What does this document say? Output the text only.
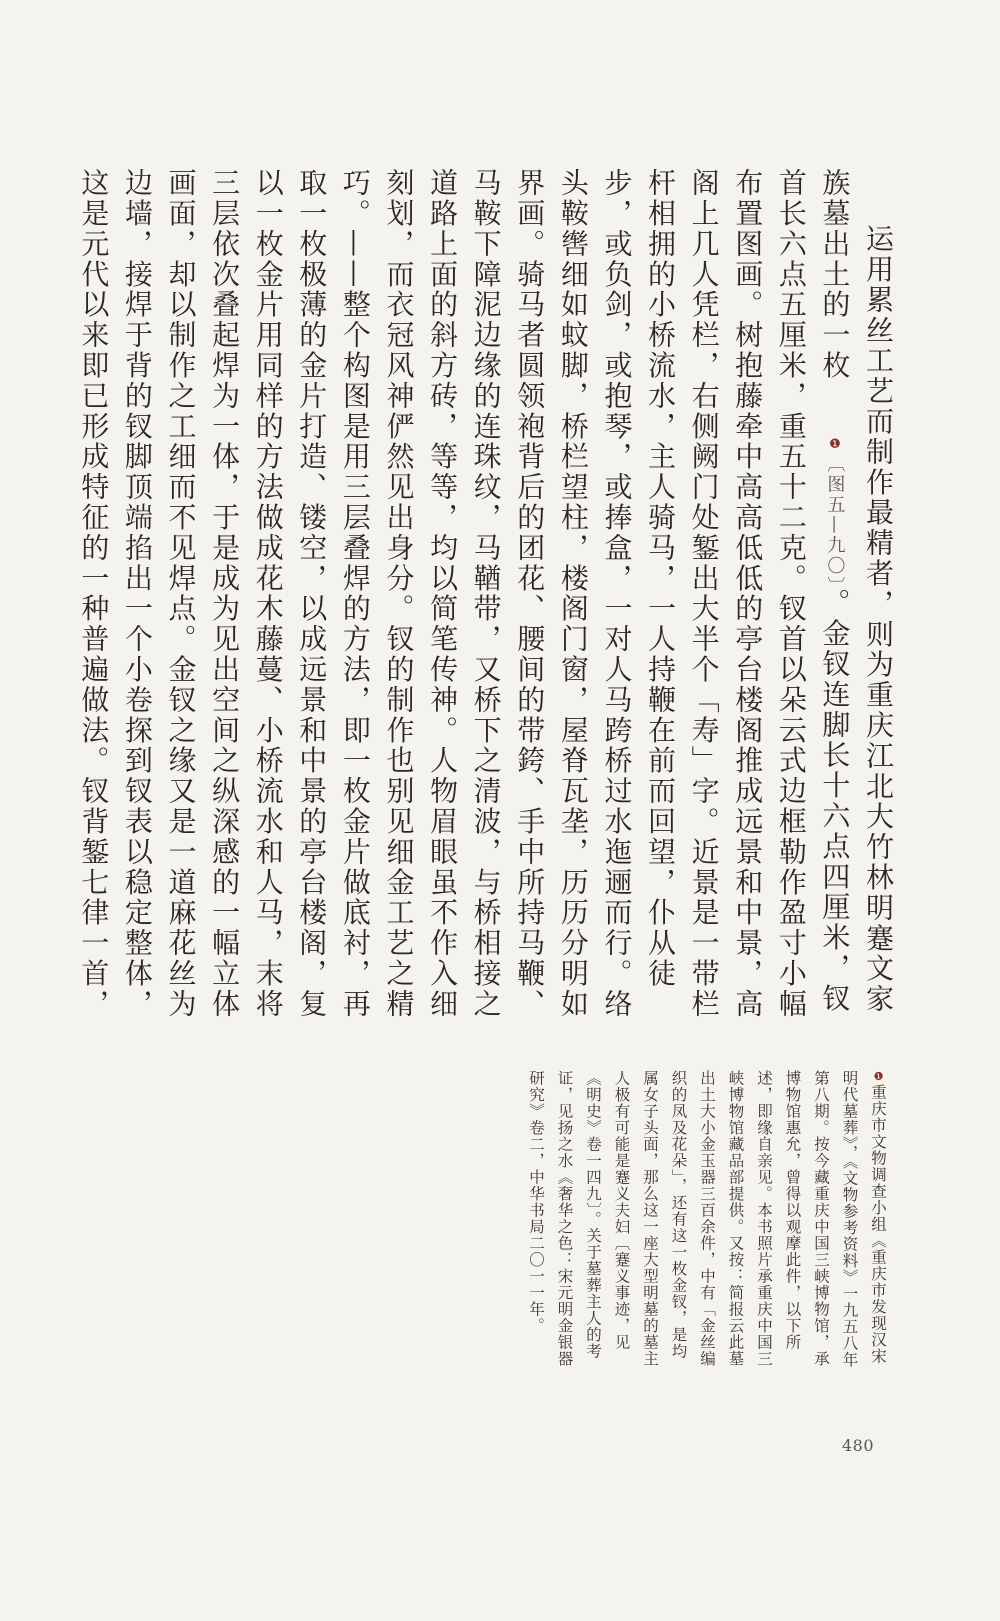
运用累丝工艺而制作最精者，则为重庆江北大竹林明蹇文家族墓出土的一枚❶〔图五—九〇〕。金钗连脚长十六点四厘米，钗首长六点五厘米，重五十二克。钗首以朵云式边框勒作盈寸小幅布置图画。树抱藤牵中高高低低的亭台楼阁推成远景和中景，高阁上几人凭栏，右侧阙门处錾出大半个「寿」字。近景是一带栏杆相拥的小桥流水，主人骑马，一人持鞭在前而回望，仆从徒步，或负剑，或抱琴，或捧盒，一对人马跨桥过水迤逦而行。络头鞍辔细如蚊脚，桥栏望柱，楼阁门窗，屋脊瓦垄，历历分明如界画。骑马者圆领袍背后的团花、腰间的带銙、手中所持马鞭、马鞍下障泥边缘的连珠纹，马鞧带，又桥下之清波，与桥相接之道路上面的斜方砖，等等，均以简笔传神。人物眉眼虽不作入细刻划，而衣冠风神俨然见出身分。钗的制作也别见细金工艺之精巧。——整个构图是用三层叠焊的方法，即一枚金片做底衬，再取一枚极薄的金片打造、镂空，以成远景和中景的亭台楼阁，复以一枚金片用同样的方法做成花木藤蔓、小桥流水和人马，末将三层依次叠起焊为一体，于是成为见出空间之纵深感的一幅立体画面，却以制作之工细而不见焊点。金钗之缘又是一道麻花丝为边墙，接焊于背的钗脚顶端掐出一个小卷探到钗表以稳定整体，这是元代以来即已形成特征的一种普遍做法。钗背錾七律一首，

❶重庆市文物调查小组《重庆市发现汉宋明代墓葬》，《文物参考资料》一九五八年第八期。按今藏重庆中国三峡博物馆，承博物馆惠允，曾得以观摩此件，以下所述，即缘自亲见。本书照片承重庆中国三峡博物馆藏品部提供。又按：简报云此墓出土大小金玉器三百余件，中有「金丝编织的凤及花朵」，还有这一枚金钗，是均属女子头面，那么这一座大型明墓的墓主人极有可能是蹇义夫妇〔蹇义事迹，见《明史》卷一四九〕。关于墓葬主人的考证，见扬之水《奢华之色：宋元明金银器研究》卷二，中华书局二〇一一年。

480
